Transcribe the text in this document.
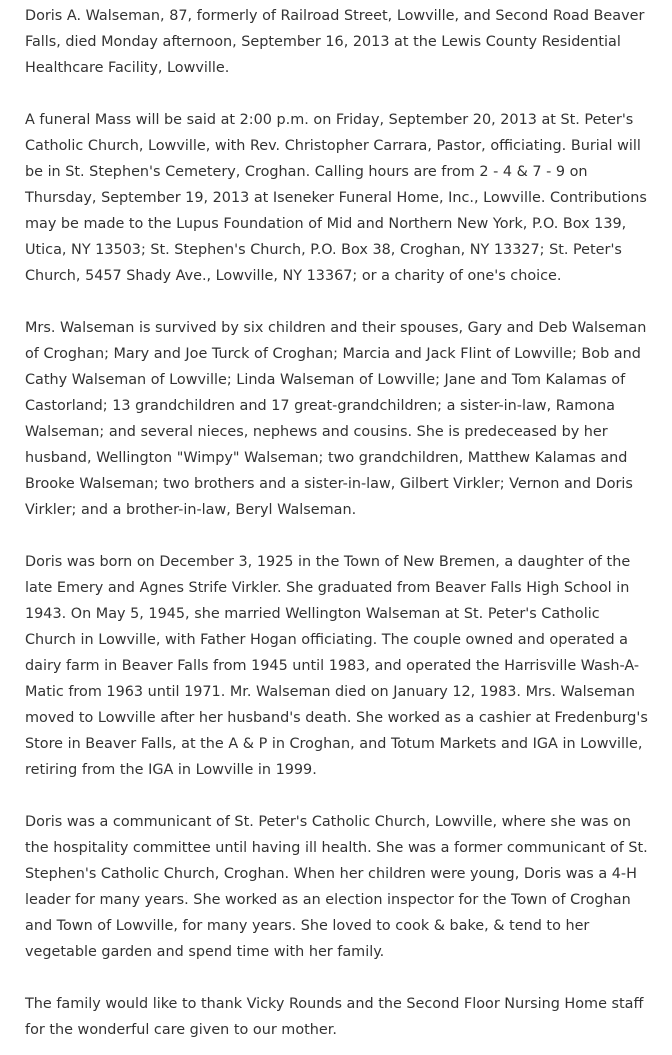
Doris A. Walseman, 87, formerly of Railroad Street, Lowville, and Second Road Beaver Falls, died Monday afternoon, September 16, 2013 at the Lewis County Residential Healthcare Facility, Lowville.

A funeral Mass will be said at 2:00 p.m. on Friday, September 20, 2013 at St. Peter's Catholic Church, Lowville, with Rev. Christopher Carrara, Pastor, officiating. Burial will be in St. Stephen's Cemetery, Croghan. Calling hours are from 2 - 4 & 7 - 9 on Thursday, September 19, 2013 at Iseneker Funeral Home, Inc., Lowville. Contributions may be made to the Lupus Foundation of Mid and Northern New York, P.O. Box 139, Utica, NY 13503; St. Stephen's Church, P.O. Box 38, Croghan, NY 13327; St. Peter's Church, 5457 Shady Ave., Lowville, NY 13367; or a charity of one's choice.

Mrs. Walseman is survived by six children and their spouses, Gary and Deb Walseman of Croghan; Mary and Joe Turck of Croghan; Marcia and Jack Flint of Lowville; Bob and Cathy Walseman of Lowville; Linda Walseman of Lowville; Jane and Tom Kalamas of Castorland; 13 grandchildren and 17 great-grandchildren; a sister-in-law, Ramona Walseman; and several nieces, nephews and cousins. She is predeceased by her husband, Wellington "Wimpy" Walseman; two grandchildren, Matthew Kalamas and Brooke Walseman; two brothers and a sister-in-law, Gilbert Virkler; Vernon and Doris Virkler; and a brother-in-law, Beryl Walseman.

Doris was born on December 3, 1925 in the Town of New Bremen, a daughter of the late Emery and Agnes Strife Virkler. She graduated from Beaver Falls High School in 1943. On May 5, 1945, she married Wellington Walseman at St. Peter's Catholic Church in Lowville, with Father Hogan officiating. The couple owned and operated a dairy farm in Beaver Falls from 1945 until 1983, and operated the Harrisville Wash-A-Matic from 1963 until 1971. Mr. Walseman died on January 12, 1983. Mrs. Walseman moved to Lowville after her husband's death. She worked as a cashier at Fredenburg's Store in Beaver Falls, at the A & P in Croghan, and Totum Markets and IGA in Lowville, retiring from the IGA in Lowville in 1999.

Doris was a communicant of St. Peter's Catholic Church, Lowville, where she was on the hospitality committee until having ill health. She was a former communicant of St. Stephen's Catholic Church, Croghan. When her children were young, Doris was a 4-H leader for many years. She worked as an election inspector for the Town of Croghan and Town of Lowville, for many years. She loved to cook & bake, & tend to her vegetable garden and spend time with her family.

The family would like to thank Vicky Rounds and the Second Floor Nursing Home staff for the wonderful care given to our mother.
